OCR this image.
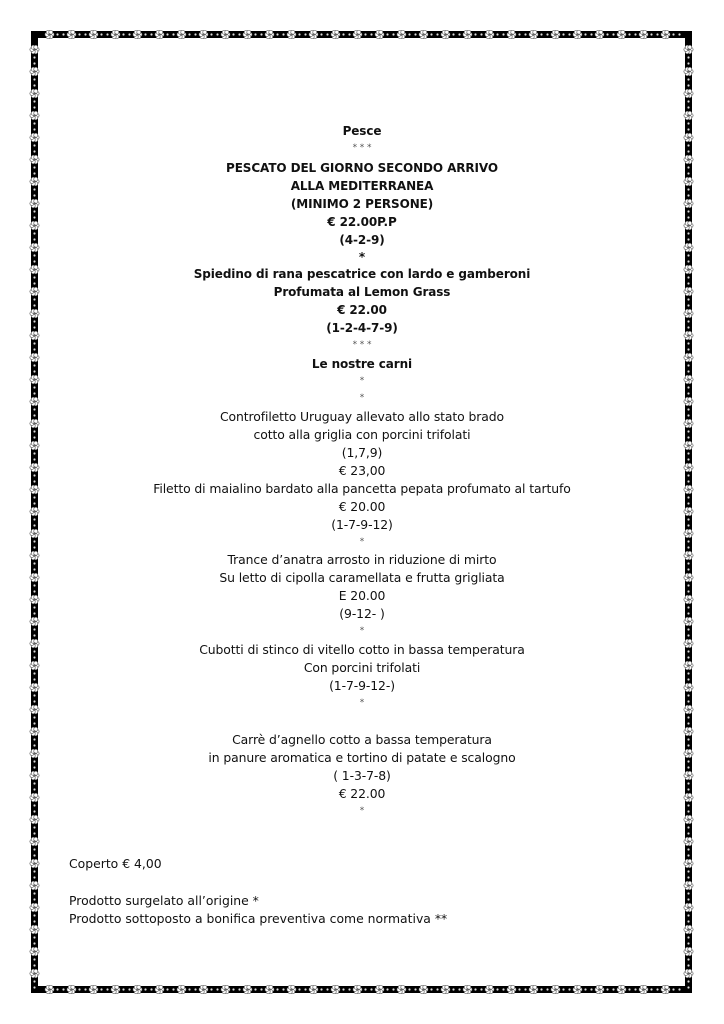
Pesce
* * *
PESCATO DEL GIORNO SECONDO ARRIVO
ALLA MEDITERRANEA
(MINIMO 2 PERSONE)
€ 22.00P.P
(4-2-9)
*
Spiedino di rana pescatrice con lardo e gamberoni
Profumata al Lemon Grass
€ 22.00
(1-2-4-7-9)
* * *
Le nostre carni
*
*
Controfiletto Uruguay allevato allo stato brado
cotto alla griglia con porcini trifolati
(1,7,9)
€ 23,00
Filetto di maialino bardato alla pancetta pepata profumato al tartufo
€ 20.00
(1-7-9-12)
*
Trance d’anatra arrosto in riduzione di mirto
Su letto di cipolla caramellata e frutta grigliata
E 20.00
(9-12- )
*
Cubotti di stinco di vitello cotto in bassa temperatura
Con porcini trifolati
(1-7-9-12-)
*
Carrè d’agnello cotto a bassa temperatura
in panure aromatica e tortino di patate e scalogno
( 1-3-7-8)
€ 22.00
*
Coperto € 4,00
Prodotto surgelato all’origine *
Prodotto sottoposto a bonifica preventiva come normativa **
